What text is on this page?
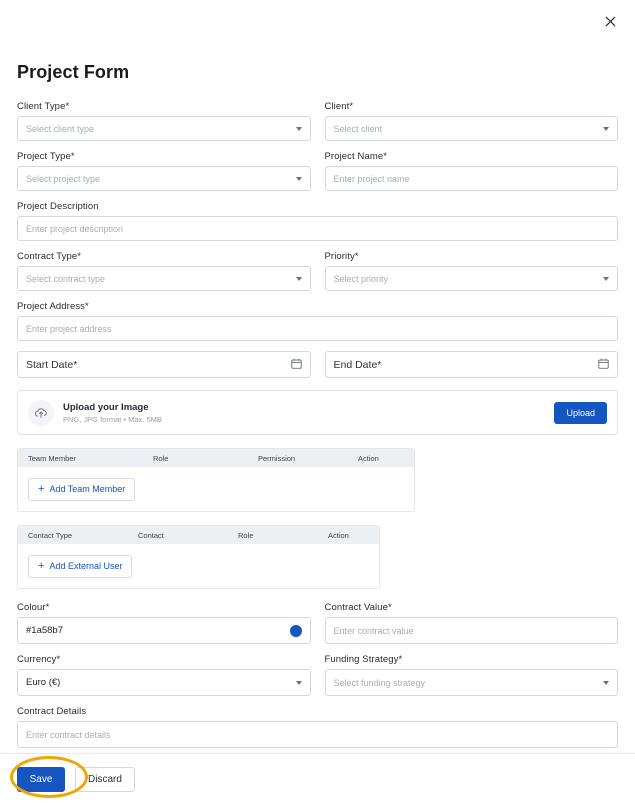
Project Form
Client Type*
Select client type
Client*
Select client
Project Type*
Select project type
Project Name*
Enter project name
Project Description
Enter project description
Contract Type*
Select contract type
Priority*
Select priority
Project Address*
Enter project address
Start Date*	End Date*
Upload your Image
PNG, JPG format • Max. 5MB
Upload
Team Member	Role	Permission	Action
+ Add Team Member
Contact Type	Contact	Role	Action
+ Add External User
Colour*
#1a58b7
Contract Value*
Enter contract value
Currency*
Euro (€)
Funding Strategy*
Select funding strategy
Contract Details
Enter contract details
Save	Discard
